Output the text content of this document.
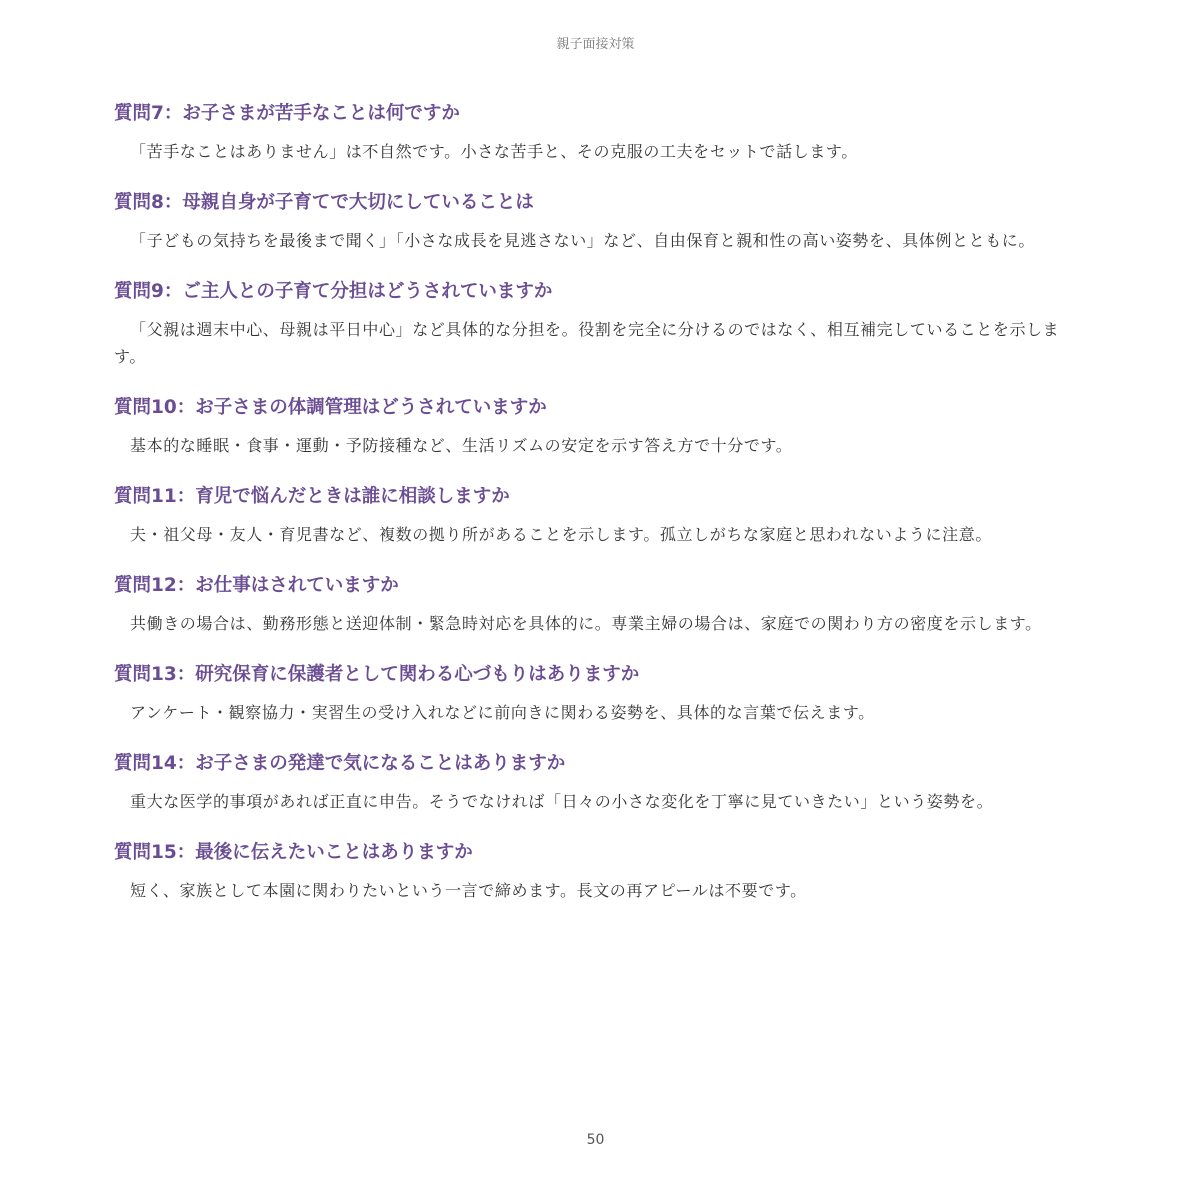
親子面接対策
質問7：お子さまが苦手なことは何ですか

「苦手なことはありません」は不自然です。小さな苦手と、その克服の工夫をセットで話します。

質問8：母親自身が子育てで大切にしていることは

「子どもの気持ちを最後まで聞く」「小さな成長を見逃さない」など、自由保育と親和性の高い姿勢を、具体例とともに。

質問9：ご主人との子育て分担はどうされていますか

「父親は週末中心、母親は平日中心」など具体的な分担を。役割を完全に分けるのではなく、相互補完していることを示します。

質問10：お子さまの体調管理はどうされていますか

基本的な睡眠・食事・運動・予防接種など、生活リズムの安定を示す答え方で十分です。

質問11：育児で悩んだときは誰に相談しますか

夫・祖父母・友人・育児書など、複数の拠り所があることを示します。孤立しがちな家庭と思われないように注意。

質問12：お仕事はされていますか

共働きの場合は、勤務形態と送迎体制・緊急時対応を具体的に。専業主婦の場合は、家庭での関わり方の密度を示します。

質問13：研究保育に保護者として関わる心づもりはありますか

アンケート・観察協力・実習生の受け入れなどに前向きに関わる姿勢を、具体的な言葉で伝えます。

質問14：お子さまの発達で気になることはありますか

重大な医学的事項があれば正直に申告。そうでなければ「日々の小さな変化を丁寧に見ていきたい」という姿勢を。

質問15：最後に伝えたいことはありますか

短く、家族として本園に関わりたいという一言で締めます。長文の再アピールは不要です。

50
